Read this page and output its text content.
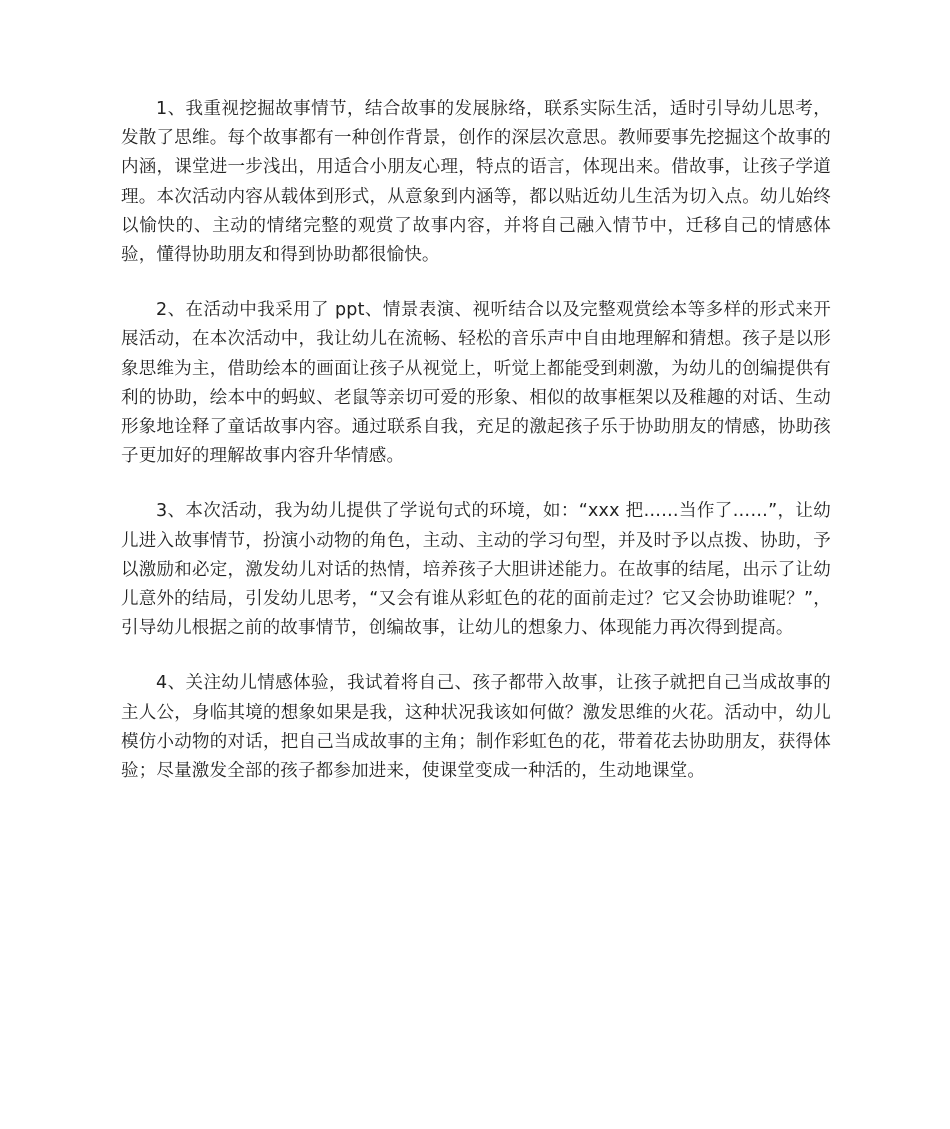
1、我重视挖掘故事情节，结合故事的发展脉络，联系实际生活，适时引导幼儿思考，发散了思维。每个故事都有一种创作背景，创作的深层次意思。教师要事先挖掘这个故事的内涵，课堂进一步浅出，用适合小朋友心理，特点的语言，体现出来。借故事，让孩子学道理。本次活动内容从载体到形式，从意象到内涵等，都以贴近幼儿生活为切入点。幼儿始终以愉快的、主动的情绪完整的观赏了故事内容，并将自己融入情节中，迁移自己的情感体验，懂得协助朋友和得到协助都很愉快。

2、在活动中我采用了 ppt、情景表演、视听结合以及完整观赏绘本等多样的形式来开展活动，在本次活动中，我让幼儿在流畅、轻松的音乐声中自由地理解和猜想。孩子是以形象思维为主，借助绘本的画面让孩子从视觉上，听觉上都能受到刺激，为幼儿的创编提供有利的协助，绘本中的蚂蚁、老鼠等亲切可爱的形象、相似的故事框架以及稚趣的对话、生动形象地诠释了童话故事内容。通过联系自我，充足的激起孩子乐于协助朋友的情感，协助孩子更加好的理解故事内容升华情感。

3、本次活动，我为幼儿提供了学说句式的环境，如：“xxx 把……当作了……”，让幼儿进入故事情节，扮演小动物的角色，主动、主动的学习句型，并及时予以点拨、协助，予以激励和必定，激发幼儿对话的热情，培养孩子大胆讲述能力。在故事的结尾，出示了让幼儿意外的结局，引发幼儿思考，“又会有谁从彩虹色的花的面前走过？它又会协助谁呢？”，引导幼儿根据之前的故事情节，创编故事，让幼儿的想象力、体现能力再次得到提高。

4、关注幼儿情感体验，我试着将自己、孩子都带入故事，让孩子就把自己当成故事的主人公，身临其境的想象如果是我，这种状况我该如何做？激发思维的火花。活动中，幼儿模仿小动物的对话，把自己当成故事的主角；制作彩虹色的花，带着花去协助朋友，获得体验；尽量激发全部的孩子都参加进来，使课堂变成一种活的，生动地课堂。
